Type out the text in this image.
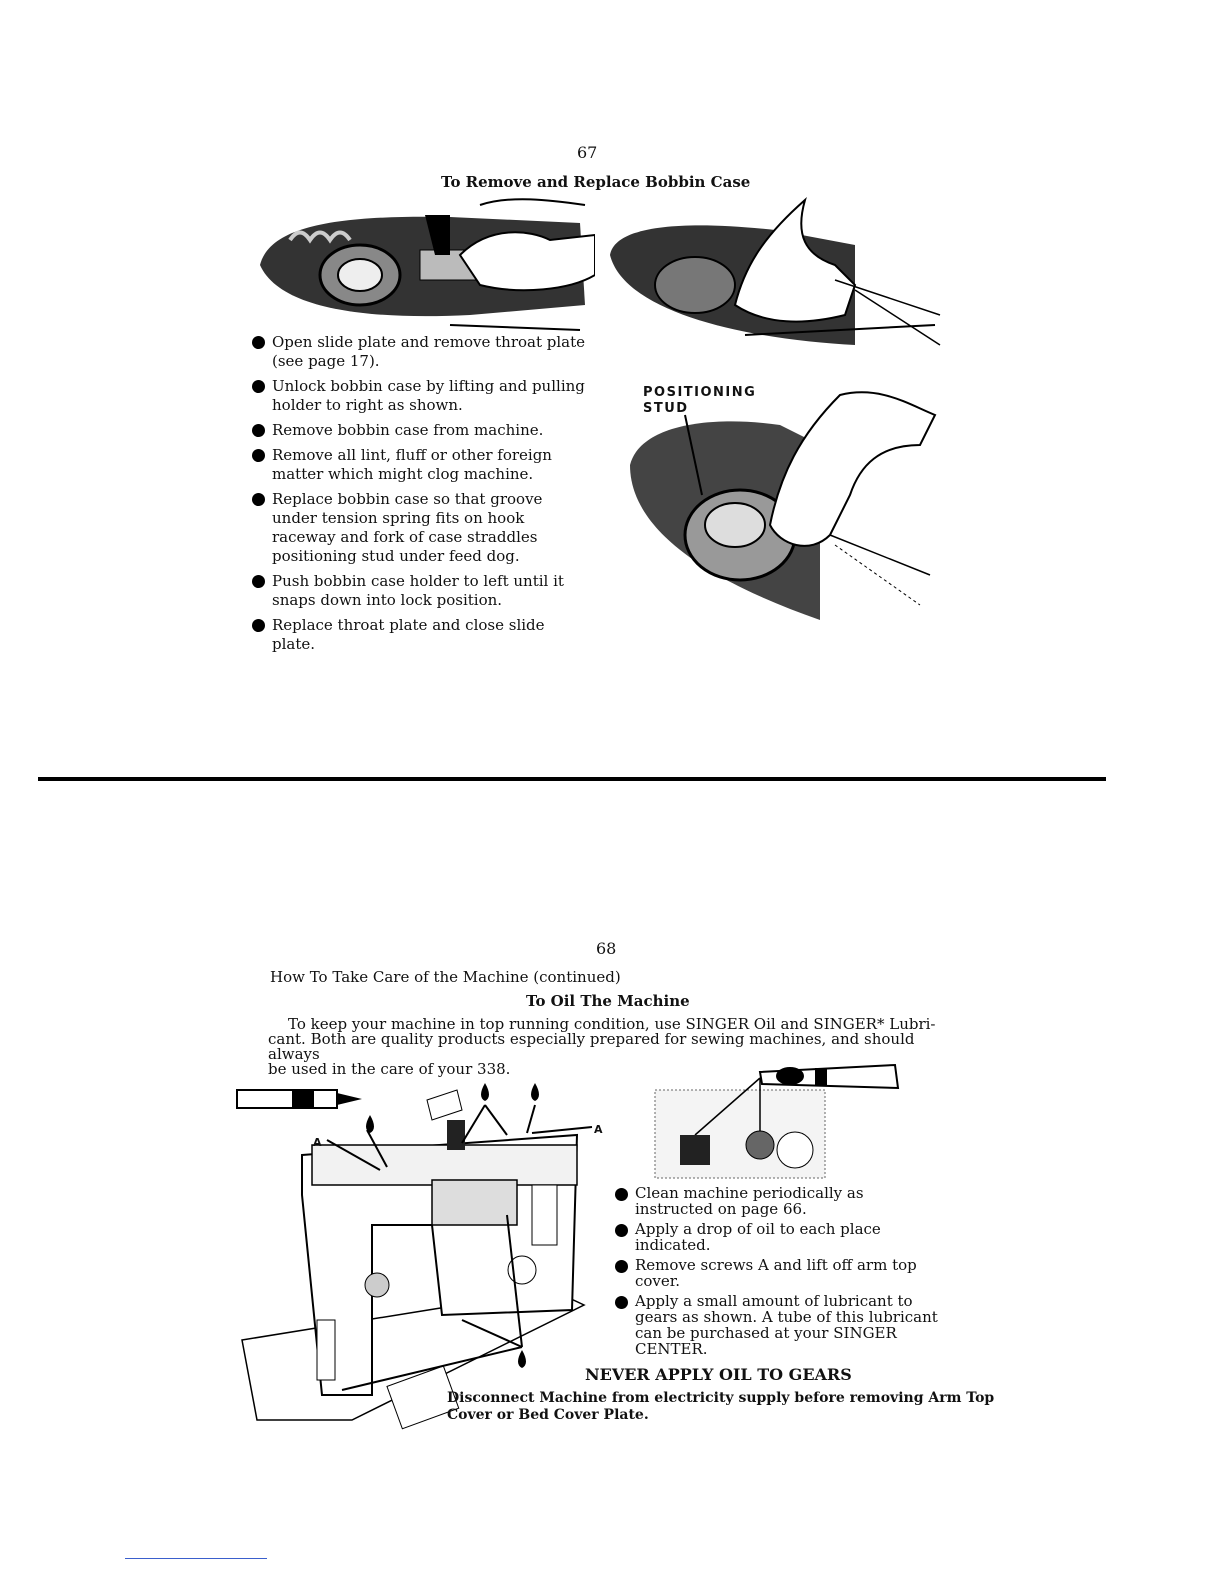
67
To Remove and Replace Bobbin Case
Open slide plate and remove throat plate (see page 17).
Unlock bobbin case by lifting and pulling holder to right as shown.
Remove bobbin case from machine.
Remove all lint, fluff or other foreign matter which might clog machine.
Replace bobbin case so that groove under tension spring fits on hook raceway and fork of case straddles positioning stud under feed dog.
Push bobbin case holder to left until it snaps down into lock position.
Replace throat plate and close slide plate.
POSITIONING
STUD
68
How To Take Care of the Machine (continued)
To Oil The Machine
To keep your machine in top running condition, use SINGER Oil and SINGER* Lubri-
cant. Both are quality products especially prepared for sewing machines, and should always
be used in the care of your 338.
A
A
Clean machine periodically as instructed on page 66.
Apply a drop of oil to each place indicated.
Remove screws A and lift off arm top cover.
Apply a small amount of lubricant to gears as shown. A tube of this lubricant can be purchased at your SINGER CENTER.
NEVER APPLY OIL TO GEARS
Disconnect Machine from electricity supply before removing Arm Top
Cover or Bed Cover Plate.
